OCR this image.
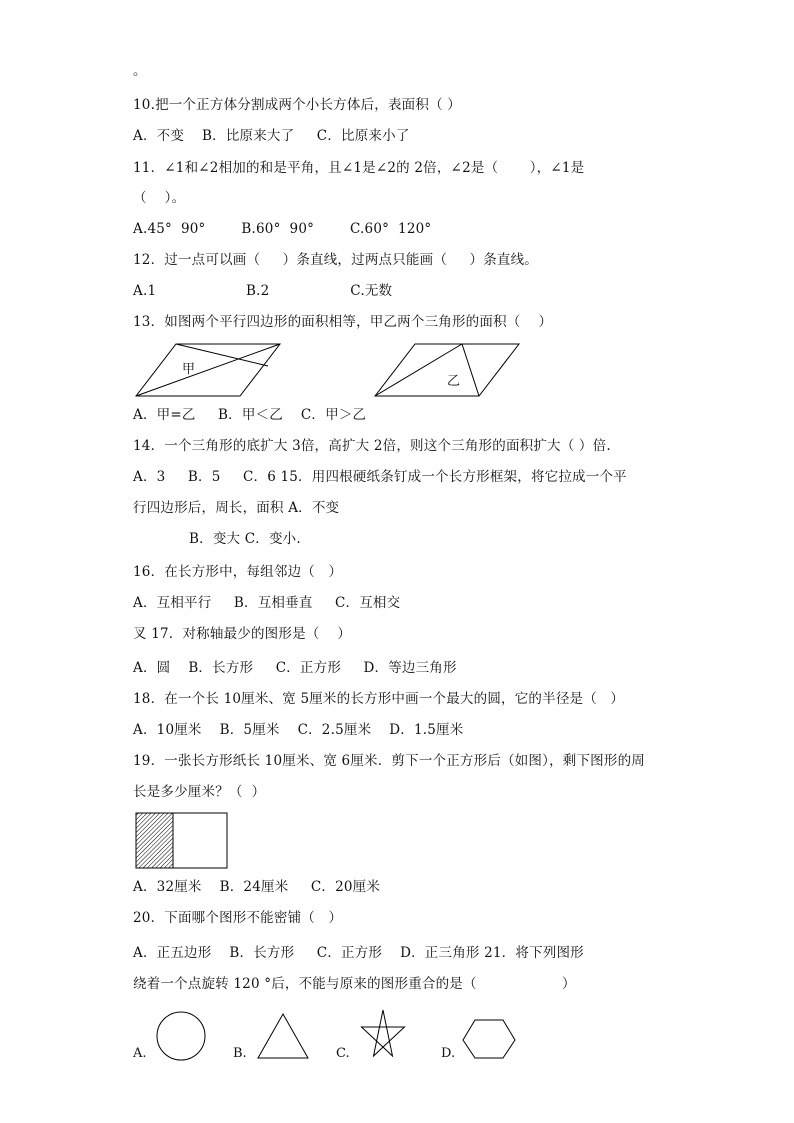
。
10.把一个正方体分割成两个小长方体后，表面积（ ）
A．不变    B．比原来大了     C．比原来小了
11．∠1和∠2相加的和是平角，且∠1是∠2的 2倍，∠2是（       ），∠1是
（    ）。
A.45°  90°        B.60°  90°        C.60°  120°
12．过一点可以画（     ）条直线，过两点只能画（     ）条直线。
A.1                    B.2                  C.无数
13．如图两个平行四边形的面积相等，甲乙两个三角形的面积（    ）
甲
乙
A．甲=乙     B．甲＜乙    C．甲＞乙
14．一个三角形的底扩大 3倍，高扩大 2倍，则这个三角形的面积扩大（ ）倍.
A．3     B．5     C．6 15．用四根硬纸条钉成一个长方形框架，将它拉成一个平
行四边形后，周长，面积 A．不变
B．变大 C．变小.
16．在长方形中，每组邻边（   ）
A．互相平行     B．互相垂直     C．互相交
叉 17．对称轴最少的图形是（    ）
A．圆    B．长方形     C．正方形     D．等边三角形
18．在一个长 10厘米、宽 5厘米的长方形中画一个最大的圆，它的半径是（   ）
A．10厘米    B．5厘米    C．2.5厘米    D．1.5厘米
19．一张长方形纸长 10厘米、宽 6厘米．剪下一个正方形后（如图），剩下图形的周
长是多少厘米？（  ）
A．32厘米    B．24厘米     C．20厘米
20．下面哪个图形不能密铺（   ）
A．正五边形    B．长方形     C．正方形    D．正三角形 21．将下列图形
绕着一个点旋转 120 °后，不能与原来的图形重合的是（                   ）
A.	B.	C.	D.
